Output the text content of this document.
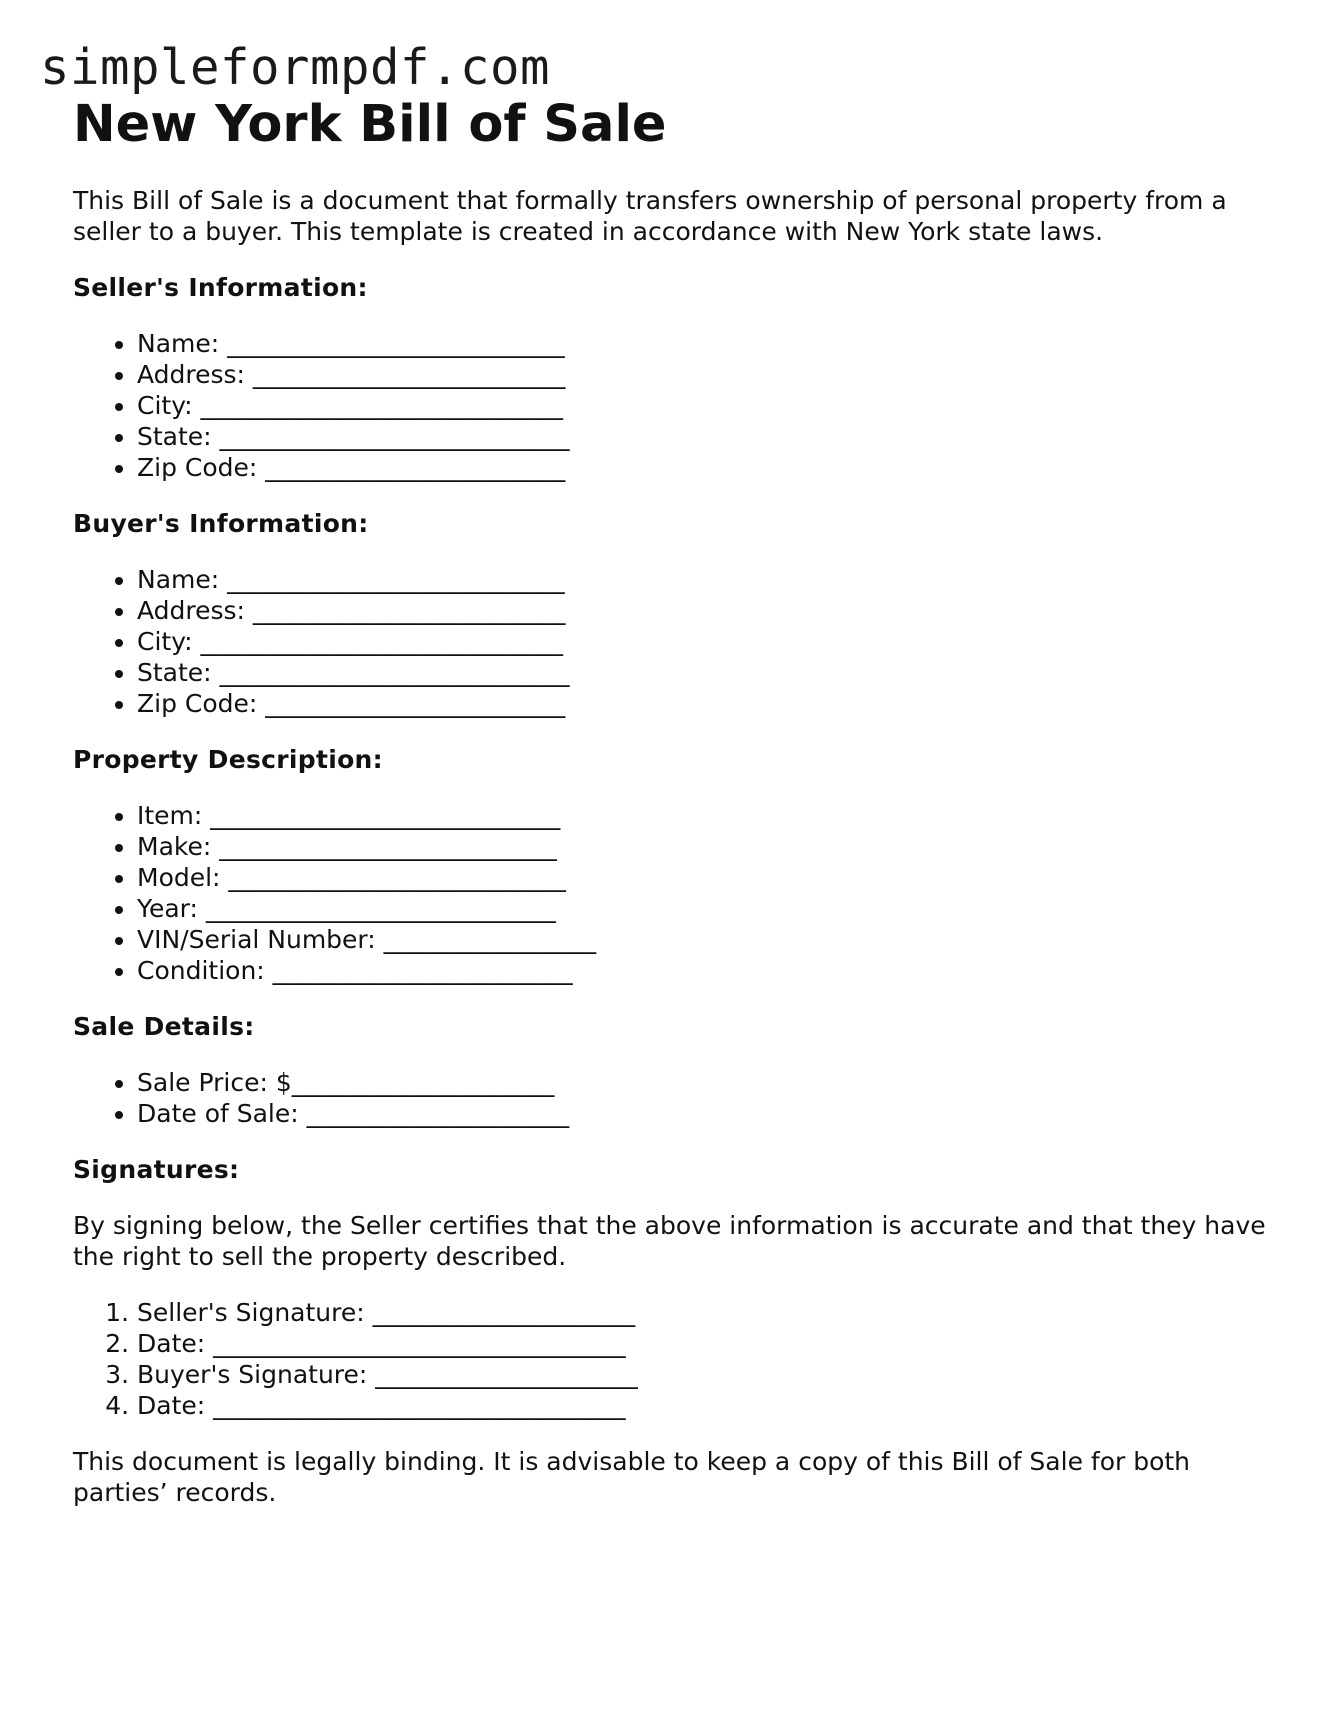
simpleformpdf.com
New York Bill of Sale

This Bill of Sale is a document that formally transfers ownership of personal property from a seller to a buyer. This template is created in accordance with New York state laws.

Seller's Information:
• Name: ___________________________
• Address: _________________________
• City: _____________________________
• State: ____________________________
• Zip Code: ________________________
Buyer's Information:
• Name: ___________________________
• Address: _________________________
• City: _____________________________
• State: ____________________________
• Zip Code: ________________________
Property Description:
• Item: ____________________________
• Make: ___________________________
• Model: ___________________________
• Year: ____________________________
• VIN/Serial Number: _________________
• Condition: ________________________
Sale Details:
• Sale Price: $_____________________
• Date of Sale: _____________________
Signatures:

By signing below, the Seller certifies that the above information is accurate and that they have the right to sell the property described.

1. Seller's Signature: _____________________
2. Date: _________________________________
3. Buyer's Signature: _____________________
4. Date: _________________________________

This document is legally binding. It is advisable to keep a copy of this Bill of Sale for both parties’ records.
